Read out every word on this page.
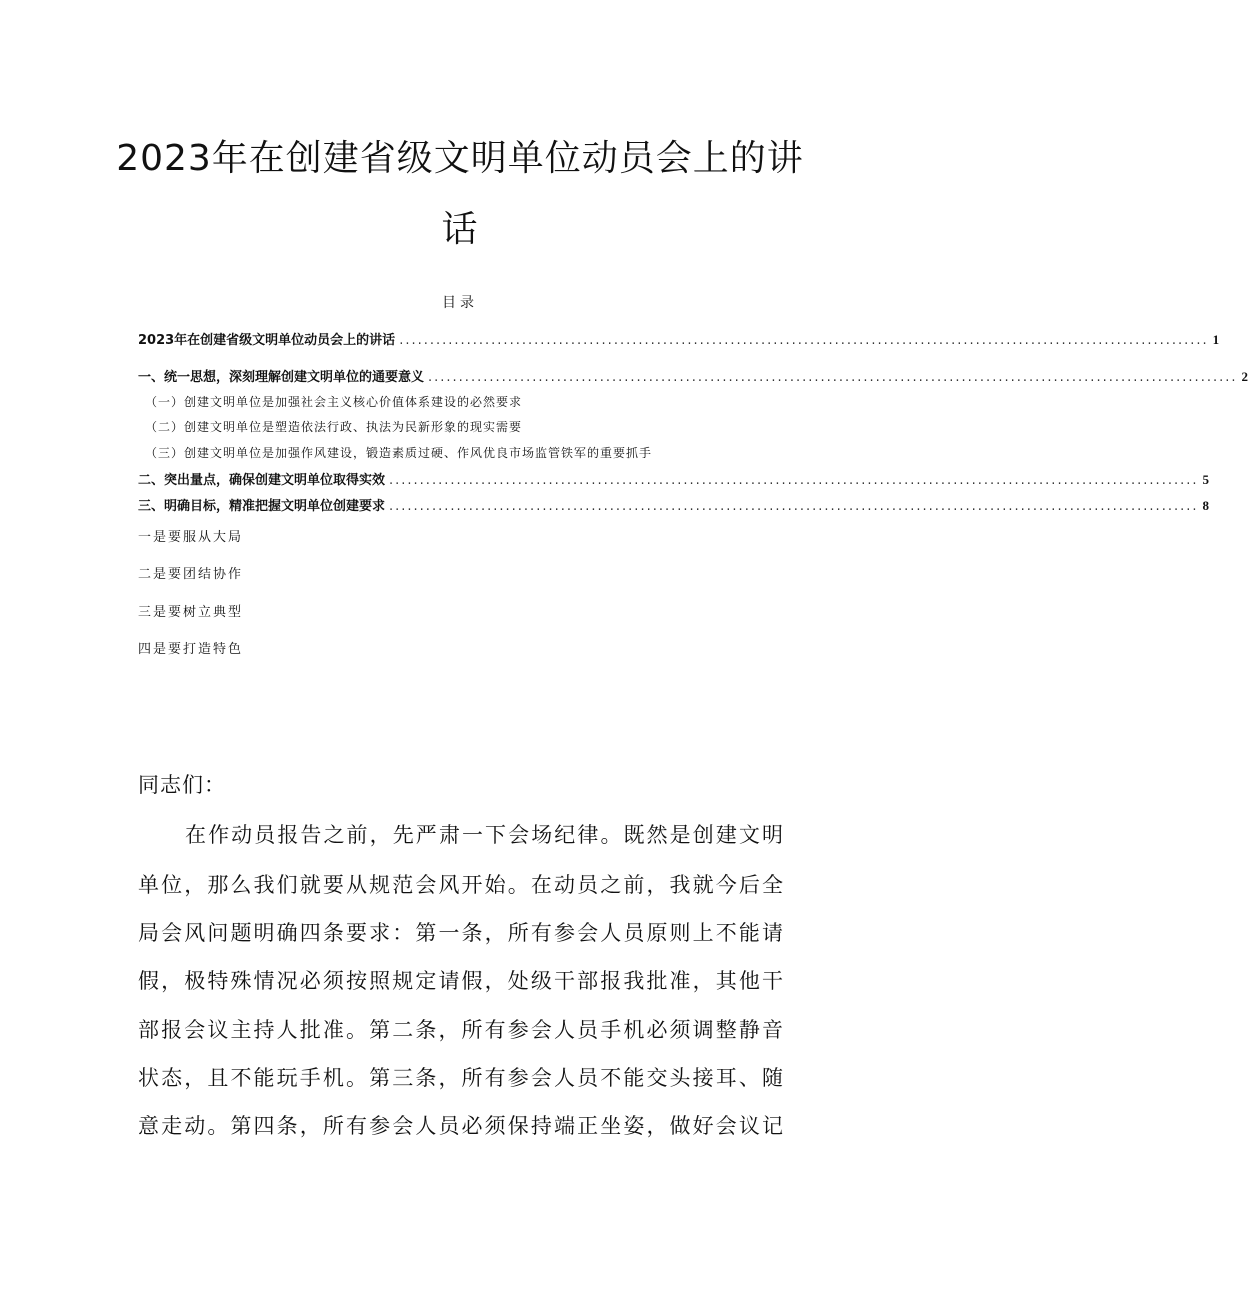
2023年在创建省级文明单位动员会上的讲
话
目录
2023年在创建省级文明单位动员会上的讲话 .................................................................................................................................... 1
一、统一思想，深刻理解创建文明单位的通要意义 .................................................................................................................................... 2
（一）创建文明单位是加强社会主义核心价值体系建设的必然要求
（二）创建文明单位是塑造依法行政、执法为民新形象的现实需要
（三）创建文明单位是加强作风建设，锻造素质过硬、作风优良市场监管铁军的重要抓手
二、突出量点，确保创建文明单位取得实效 .................................................................................................................................... 5
三、明确目标，精准把握文明单位创建要求 .................................................................................................................................... 8
一是要服从大局
二是要团结协作
三是要树立典型
四是要打造特色
同志们：
在作动员报告之前，先严肃一下会场纪律。既然是创建文明
单位，那么我们就要从规范会风开始。在动员之前，我就今后全
局会风问题明确四条要求：第一条，所有参会人员原则上不能请
假，极特殊情况必须按照规定请假，处级干部报我批准，其他干
部报会议主持人批准。第二条，所有参会人员手机必须调整静音
状态，且不能玩手机。第三条，所有参会人员不能交头接耳、随
意走动。第四条，所有参会人员必须保持端正坐姿，做好会议记
